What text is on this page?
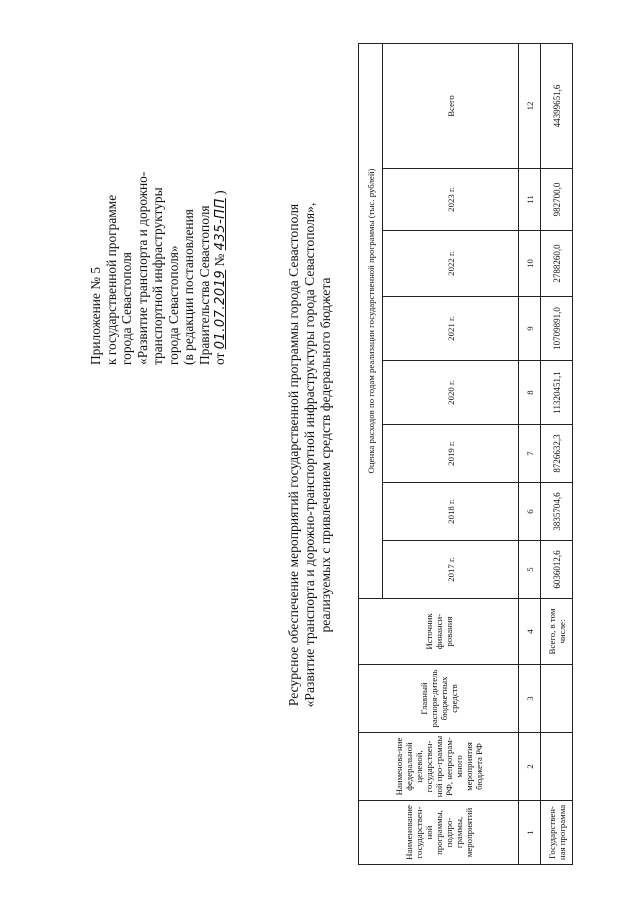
Приложение № 5 к государственной программе города Севастополя «Развитие транспорта и дорожно- транспортной инфраструктуры города Севастополя» (в редакции постановления Правительства Севастополя от 01.07.2019 № 435-ПП )
Ресурсное обеспечение мероприятий государственной программы города Севастополя «Развитие транспорта и дорожно-транспортной инфраструктуры города Севастополя», реализуемых с привлечением средств федерального бюджета
Наименование государствен-ной программы, подпро-граммы, мероприятий	Наименова-ние федеральной целевой, государствен-ной про-граммы РФ, непрограм-много мероприятия бюджета РФ	Главный распоря-дитель бюджетных средств	Источник финанси-рования	Оценка расходов по годам реализации государственной программы (тыс. рублей)							
				2017 г.	2018 г.	2019 г.	2020 г.	2021 г.	2022 г.	2023 г.	Всего
1	2	3	4	5	6	7	8	9	10	11	12
Государствен-ная программа			Всего, в том числе:	6036012,6	3835704,6	8726632,3	11320451,1	10709891,0	2788260,0	982700,0	44399651,6
